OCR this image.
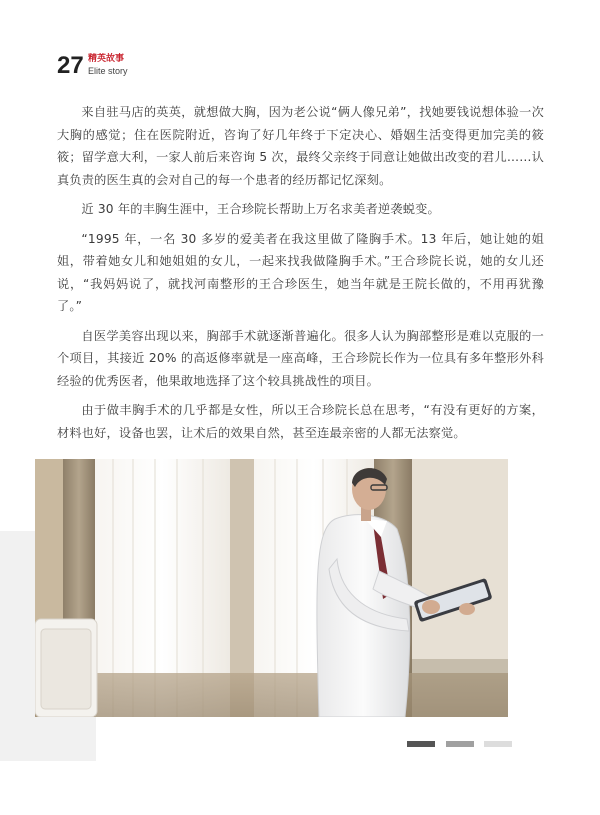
27 精英故事
Elite story

来自驻马店的英英，就想做大胸，因为老公说“俩人像兄弟”，找她要钱说想体验一次大胸的感觉；住在医院附近，咨询了好几年终于下定决心、婚姻生活变得更加完美的筱筱；留学意大利，一家人前后来咨询 5 次，最终父亲终于同意让她做出改变的君儿……认真负责的医生真的会对自己的每一个患者的经历都记忆深刻。

近 30 年的丰胸生涯中，王合珍院长帮助上万名求美者逆袭蜕变。

“1995 年，一名 30 多岁的爱美者在我这里做了隆胸手术。13 年后，她让她的姐姐，带着她女儿和她姐姐的女儿，一起来找我做隆胸手术。”王合珍院长说，她的女儿还说，“我妈妈说了，就找河南整形的王合珍医生，她当年就是王院长做的，不用再犹豫了。”

自医学美容出现以来，胸部手术就逐渐普遍化。很多人认为胸部整形是难以克服的一个项目，其接近 20% 的高返修率就是一座高峰，王合珍院长作为一位具有多年整形外科经验的优秀医者，他果敢地选择了这个较具挑战性的项目。

由于做丰胸手术的几乎都是女性，所以王合珍院长总在思考，“有没有更好的方案，材料也好，设备也罢，让术后的效果自然，甚至连最亲密的人都无法察觉。
